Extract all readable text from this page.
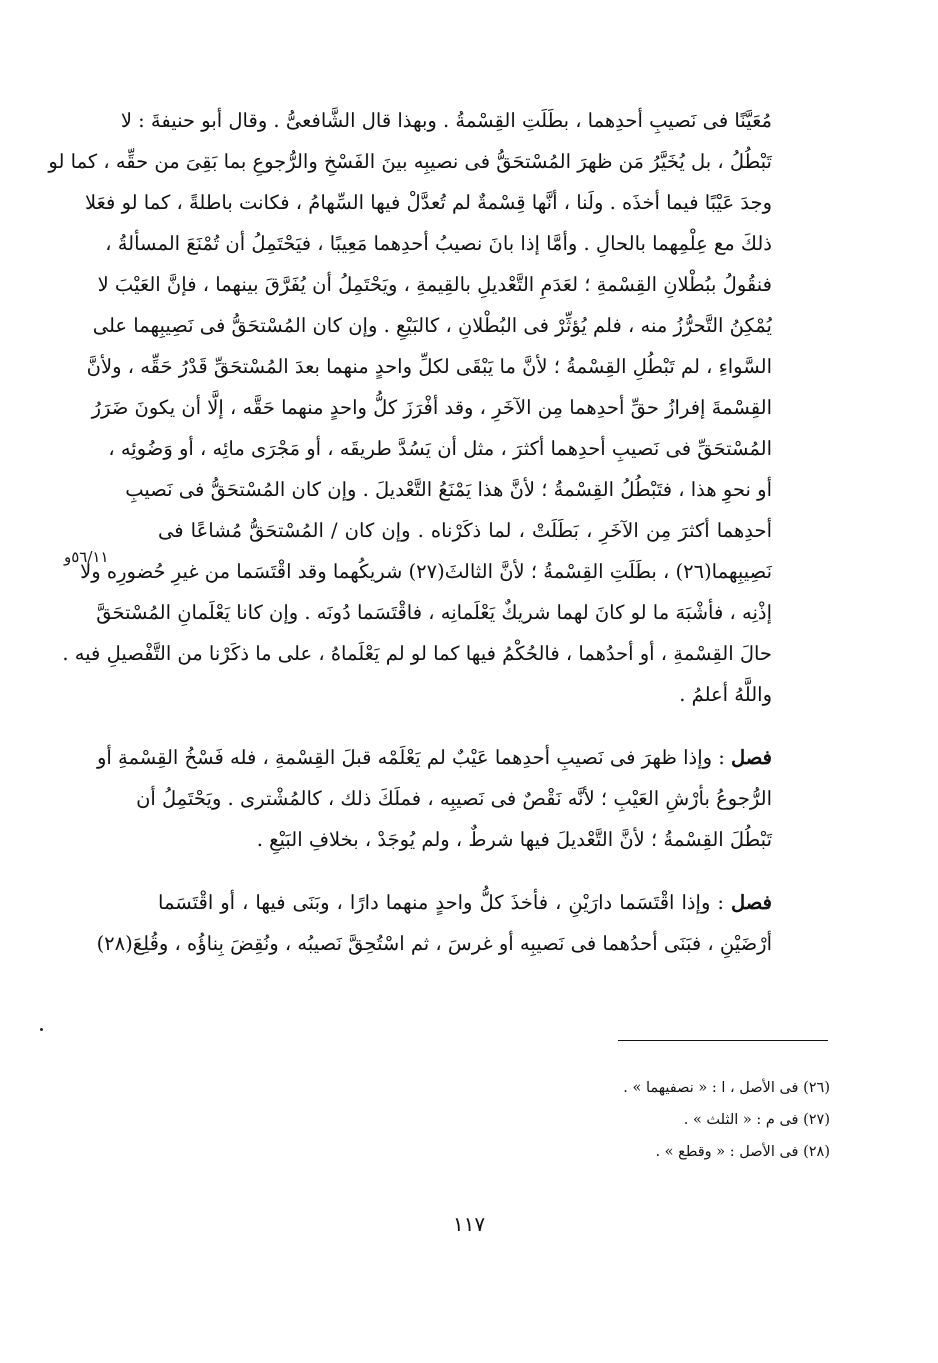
٥٦/١١و
مُعَيَّنًا فى نَصيبِ أحدِهما ، بطَلَتِ القِسْمةُ . وبهذا قال الشَّافعىُّ . وقال أبو حنيفةَ : لا
تَبْطُلُ ، بل يُخَيَّرُ مَن ظهرَ المُسْتحَقُّ فى نصيبِه بينَ الفَسْخِ والرُّجوعِ بما بَقِىَ من حقِّه ، كما لو
وجدَ عَيْبًا فيما أخذَه . ولَنا ، أنَّها قِسْمةٌ لم تُعدَّلْ فيها السِّهامُ ، فكانت باطلةً ، كما لو فعَلا
ذلكَ مع عِلْمِهما بالحالِ . وأمَّا إذا بانَ نصيبُ أحدِهما مَعِيبًا ، فيَحْتَمِلُ أن تُمْنَعَ المسألةُ ،
فنقُولُ ببُطْلانِ القِسْمةِ ؛ لعَدَمِ التَّعْديلِ بالقِيمةِ ، ويَحْتَمِلُ أن يُفَرَّقَ بينهما ، فإنَّ العَيْبَ لا
يُمْكِنُ التَّحرُّزُ منه ، فلم يُؤثِّرْ فى البُطْلانِ ، كالبَيْعِ . وإن كان المُسْتحَقُّ فى نَصِيبِهما على
السَّواءِ ، لم تَبْطُلِ القِسْمةُ ؛ لأنَّ ما يَبْقَى لكلِّ واحدٍ منهما بعدَ المُسْتحَقِّ قَدْرُ حَقِّه ، ولأنَّ
القِسْمةَ إفرازُ حقِّ أحدِهما مِن الآخَرِ ، وقد أفْرَزَ كلُّ واحدٍ منهما حَقَّه ، إلَّا أن يكونَ ضَرَرُ
المُسْتحَقِّ فى نَصيبِ أحدِهما أكثرَ ، مثل أن يَسُدَّ طريقَه ، أو مَجْرَى مائِه ، أو وَضُوئِه ،
أو نحوِ هذا ، فتَبْطُلُ القِسْمةُ ؛ لأنَّ هذا يَمْنَعُ التَّعْديلَ . وإن كان المُسْتحَقُّ فى نَصيبِ
أحدِهما أكثرَ مِن الآخَرِ ، بَطَلَتْ ، لما ذكَرْناه . وإن كان / المُسْتحَقُّ مُشاعًا فى
نَصِيبِهما(٢٦) ، بطَلَتِ القِسْمةُ ؛ لأنَّ الثالثَ(٢٧) شريكُهما وقد اقْتَسَما من غيرِ حُضورِه ولا
إذْنِه ، فأشْبَهَ ما لو كانَ لهما شريكٌ يَعْلَمانِه ، فاقْتَسَما دُونَه . وإن كانا يَعْلَمانِ المُسْتحَقَّ
حالَ القِسْمةِ ، أو أحدُهما ، فالحُكْمُ فيها كما لو لم يَعْلَماهُ ، على ما ذكَرْنا من التَّفْصيلِ فيه .
واللَّهُ أعلمُ .
فصل : وإذا ظهرَ فى نَصيبِ أحدِهما عَيْبٌ لم يَعْلَمْه قبلَ القِسْمةِ ، فله فَسْخُ القِسْمةِ أو
الرُّجوعُ بأرْشِ العَيْبِ ؛ لأنَّه نَقْصٌ فى نَصيبِه ، فملَكَ ذلك ، كالمُشْترى . ويَحْتَمِلُ أن
تَبْطُلَ القِسْمةُ ؛ لأنَّ التَّعْديلَ فيها شرطٌ ، ولم يُوجَدْ ، بخلافِ البَيْعِ .
فصل : وإذا اقْتَسَما دارَيْنِ ، فأخذَ كلُّ واحدٍ منهما دارًا ، وبَنَى فيها ، أو اقْتَسَما
أرْضَيْنِ ، فبَنَى أحدُهما فى نَصيبِه أو غرسَ ، ثم اسْتُحِقَّ نَصيبُه ، ونُقِضَ بِناؤُه ، وقُلِعَ(٢٨)
(٢٦) فى الأصل ، ا : « نصفيهما » .
(٢٧) فى م : « الثلث » .
(٢٨) فى الأصل : « وقطع » .
١١٧
